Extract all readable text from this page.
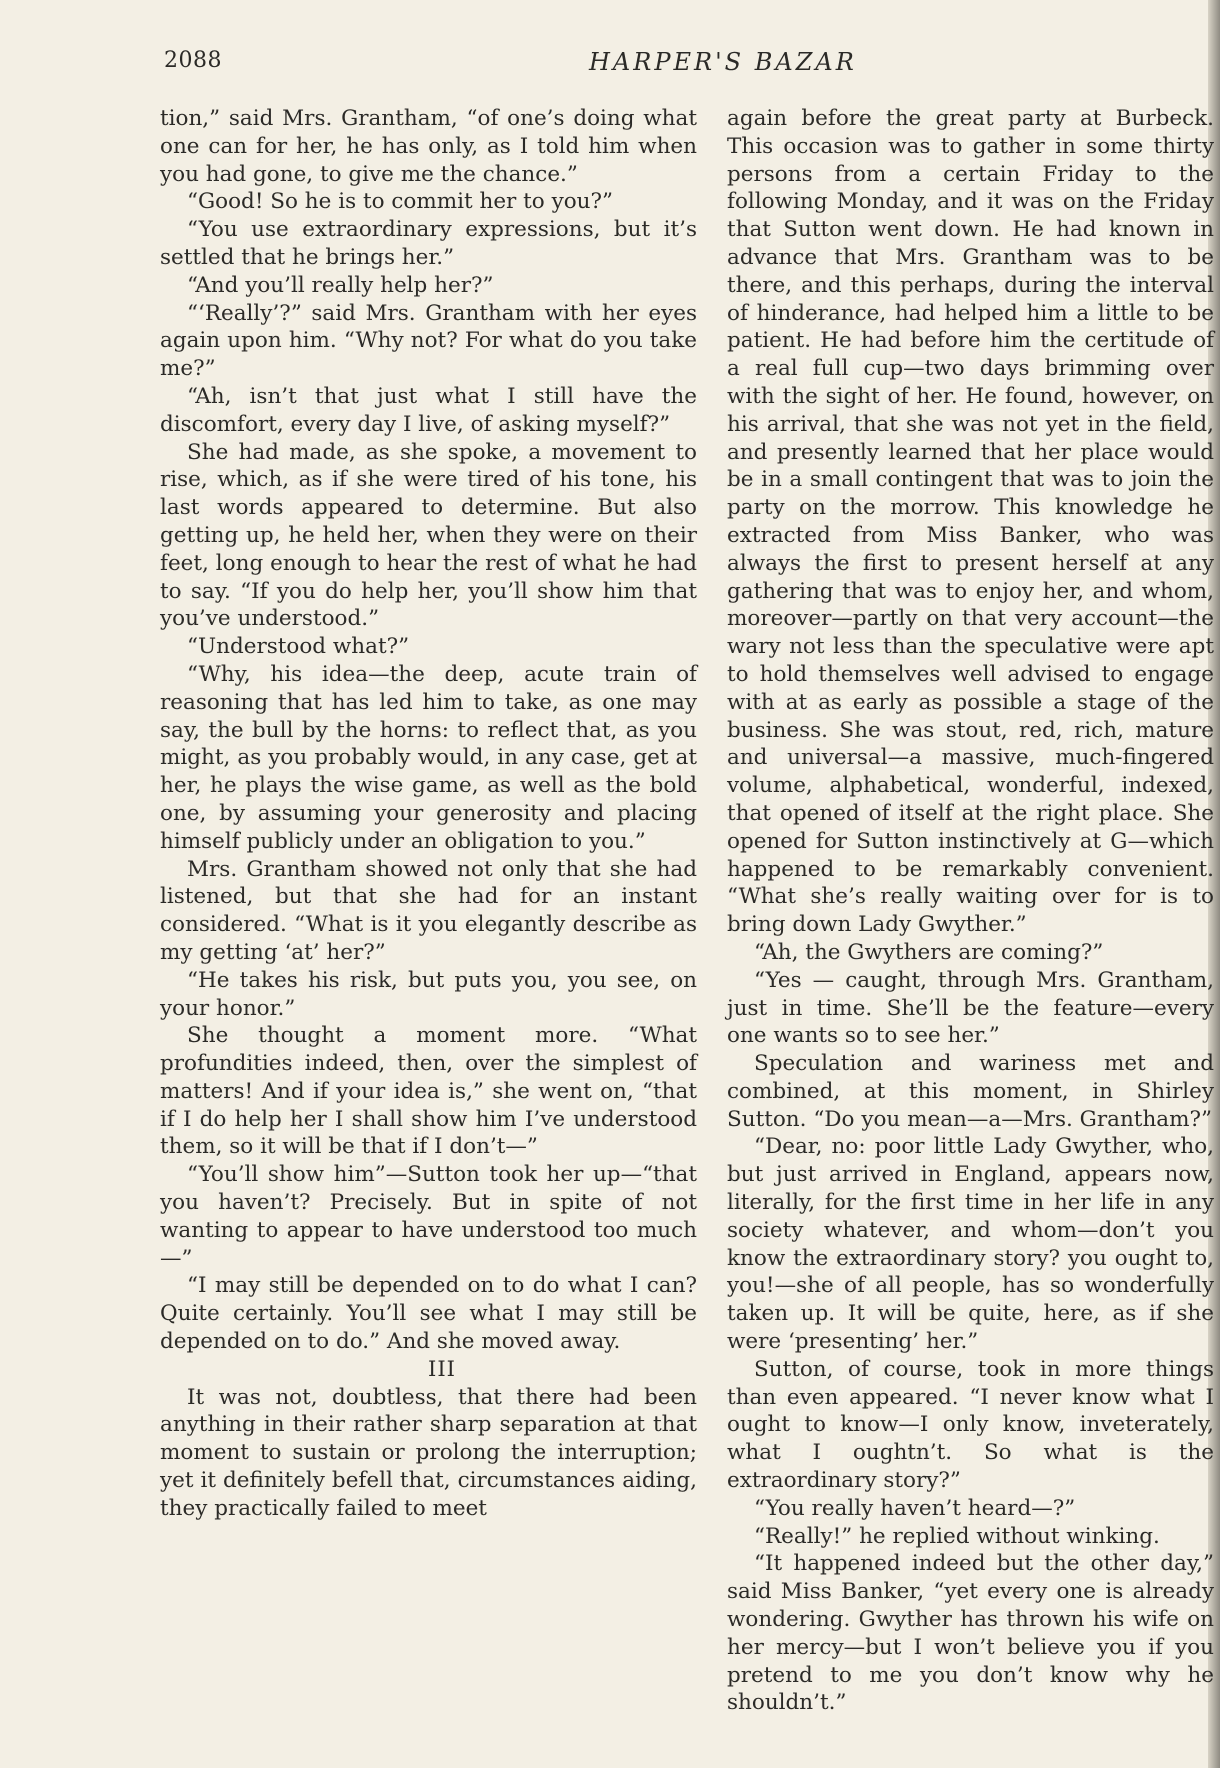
2088	HARPER'S BAZAR

tion,” said Mrs. Grantham, “of one’s doing what one can for her, he has only, as I told him when you had gone, to give me the chance.”

“Good! So he is to commit her to you?”

“You use extraordinary expressions, but it’s settled that he brings her.”

“And you’ll really help her?”

“‘Really’?” said Mrs. Grantham with her eyes again upon him. “Why not? For what do you take me?”

“Ah, isn’t that just what I still have the discomfort, every day I live, of asking myself?”

She had made, as she spoke, a movement to rise, which, as if she were tired of his tone, his last words appeared to determine. But also getting up, he held her, when they were on their feet, long enough to hear the rest of what he had to say. “If you do help her, you’ll show him that you’ve understood.”

“Understood what?”

“Why, his idea—the deep, acute train of reasoning that has led him to take, as one may say, the bull by the horns: to reflect that, as you might, as you probably would, in any case, get at her, he plays the wise game, as well as the bold one, by assuming your generosity and placing himself publicly under an obligation to you.”

Mrs. Grantham showed not only that she had listened, but that she had for an instant considered. “What is it you elegantly describe as my getting ‘at’ her?”

“He takes his risk, but puts you, you see, on your honor.”

She thought a moment more. “What profundities indeed, then, over the simplest of matters! And if your idea is,” she went on, “that if I do help her I shall show him I’ve understood them, so it will be that if I don’t—”

“You’ll show him”—Sutton took her up—“that you haven’t? Precisely. But in spite of not wanting to appear to have understood too much—”

“I may still be depended on to do what I can? Quite certainly. You’ll see what I may still be depended on to do.” And she moved away.

III

It was not, doubtless, that there had been anything in their rather sharp separation at that moment to sustain or prolong the interruption; yet it definitely befell that, circumstances aiding, they practically failed to meet

again before the great party at Burbeck. This occasion was to gather in some thirty persons from a certain Friday to the following Monday, and it was on the Friday that Sutton went down. He had known in advance that Mrs. Grantham was to be there, and this perhaps, during the interval of hinderance, had helped him a little to be patient. He had before him the certitude of a real full cup—two days brimming over with the sight of her. He found, however, on his arrival, that she was not yet in the field, and presently learned that her place would be in a small contingent that was to join the party on the morrow. This knowledge he extracted from Miss Banker, who was always the first to present herself at any gathering that was to enjoy her, and whom, moreover—partly on that very account—the wary not less than the speculative were apt to hold themselves well advised to engage with at as early as possible a stage of the business. She was stout, red, rich, mature and universal—a massive, much-fingered volume, alphabetical, wonderful, indexed, that opened of itself at the right place. She opened for Sutton instinctively at G—which happened to be remarkably convenient. “What she’s really waiting over for is to bring down Lady Gwyther.”

“Ah, the Gwythers are coming?”

“Yes — caught, through Mrs. Grantham, just in time. She’ll be the feature—every one wants so to see her.”

Speculation and wariness met and combined, at this moment, in Shirley Sutton. “Do you mean—a—Mrs. Grantham?”

“Dear, no: poor little Lady Gwyther, who, but just arrived in England, appears now, literally, for the first time in her life in any society whatever, and whom—don’t you know the extraordinary story? you ought to, you!—she of all people, has so wonderfully taken up. It will be quite, here, as if she were ‘presenting’ her.”

Sutton, of course, took in more things than even appeared. “I never know what I ought to know—I only know, inveterately, what I oughtn’t. So what is the extraordinary story?”

“You really haven’t heard—?”

“Really!” he replied without winking.

“It happened indeed but the other day,” said Miss Banker, “yet every one is already wondering. Gwyther has thrown his wife on her mercy—but I won’t believe you if you pretend to me you don’t know why he shouldn’t.”
